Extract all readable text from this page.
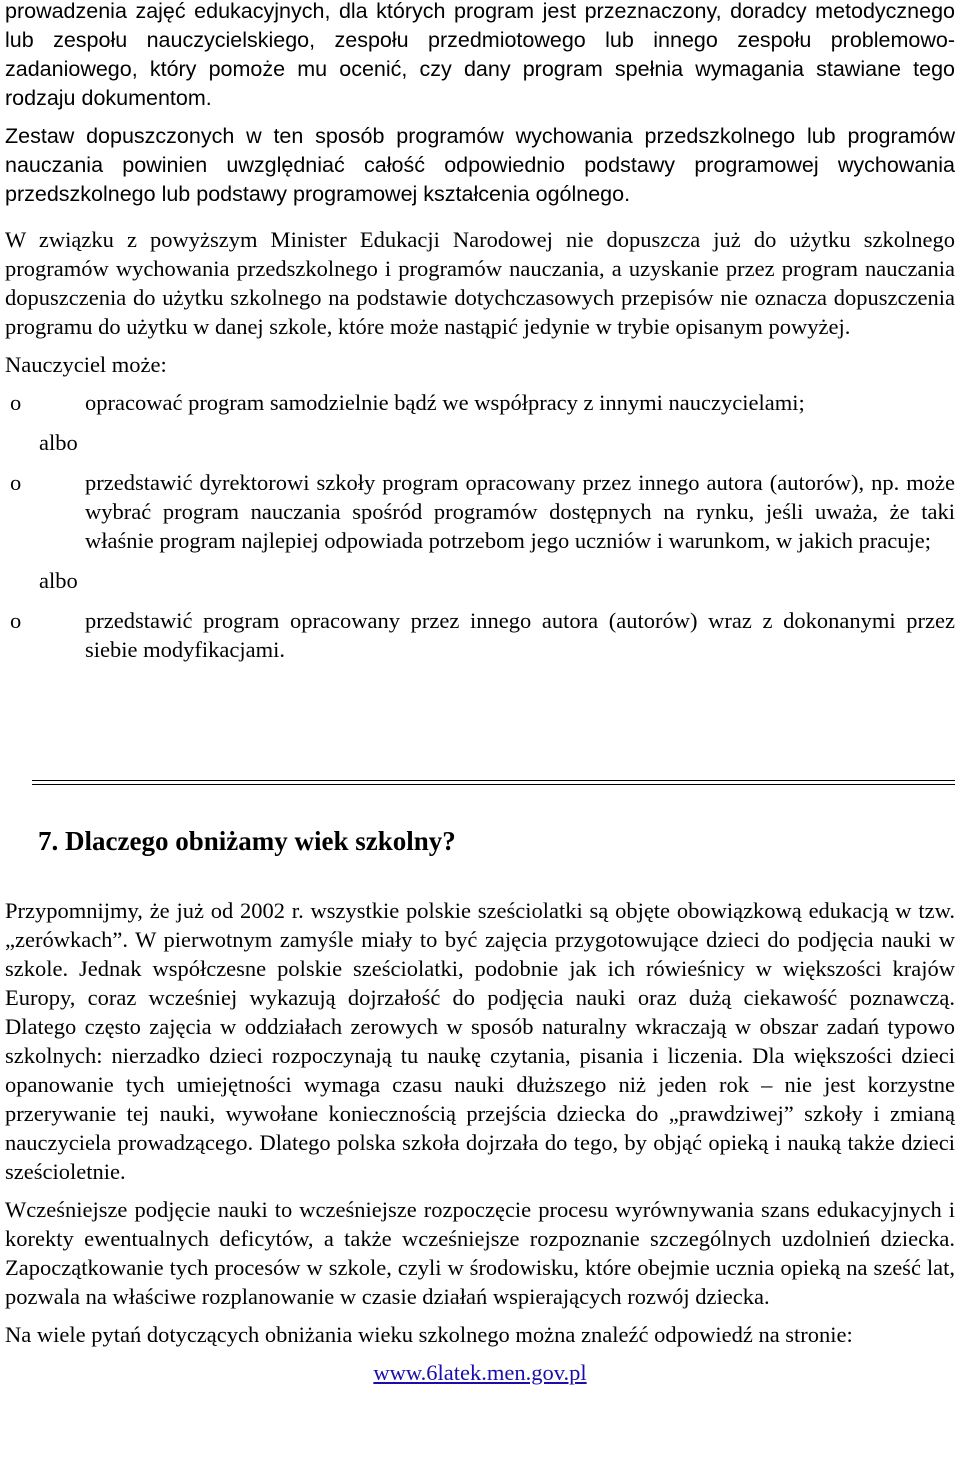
prowadzenia zajęć edukacyjnych, dla których program jest przeznaczony, doradcy metodycznego lub zespołu nauczycielskiego, zespołu przedmiotowego lub innego zespołu problemowo-zadaniowego, który pomoże mu ocenić, czy dany program spełnia wymagania stawiane tego rodzaju dokumentom.

Zestaw dopuszczonych w ten sposób programów wychowania przedszkolnego lub programów nauczania powinien uwzględniać całość odpowiednio podstawy programowej wychowania przedszkolnego lub podstawy programowej kształcenia ogólnego.

W związku z powyższym Minister Edukacji Narodowej nie dopuszcza już do użytku szkolnego programów wychowania przedszkolnego i programów nauczania, a uzyskanie przez program nauczania dopuszczenia do użytku szkolnego na podstawie dotychczasowych przepisów nie oznacza dopuszczenia programu do użytku w danej szkole, które może nastąpić jedynie w trybie opisanym powyżej.

Nauczyciel może:

o	opracować program samodzielnie bądź we współpracy z innymi nauczycielami;

albo

o	przedstawić dyrektorowi szkoły program opracowany przez innego autora (autorów), np. może wybrać program nauczania spośród programów dostępnych na rynku, jeśli uważa, że taki właśnie program najlepiej odpowiada potrzebom jego uczniów i warunkom, w jakich pracuje;

albo

o	przedstawić program opracowany przez innego autora (autorów) wraz z dokonanymi przez siebie modyfikacjami.
7. Dlaczego obniżamy wiek szkolny?

Przypomnijmy, że już od 2002 r. wszystkie polskie sześciolatki są objęte obowiązkową edukacją w tzw. „zerówkach”. W pierwotnym zamyśle miały to być zajęcia przygotowujące dzieci do podjęcia nauki w szkole. Jednak współczesne polskie sześciolatki, podobnie jak ich rówieśnicy w większości krajów Europy, coraz wcześniej wykazują dojrzałość do podjęcia nauki oraz dużą ciekawość poznawczą. Dlatego często zajęcia w oddziałach zerowych w sposób naturalny wkraczają w obszar zadań typowo szkolnych: nierzadko dzieci rozpoczynają tu naukę czytania, pisania i liczenia. Dla większości dzieci opanowanie tych umiejętności wymaga czasu nauki dłuższego niż jeden rok – nie jest korzystne przerywanie tej nauki, wywołane koniecznością przejścia dziecka do „prawdziwej” szkoły i zmianą nauczyciela prowadzącego. Dlatego polska szkoła dojrzała do tego, by objąć opieką i nauką także dzieci sześcioletnie.

Wcześniejsze podjęcie nauki to wcześniejsze rozpoczęcie procesu wyrównywania szans edukacyjnych i korekty ewentualnych deficytów, a także wcześniejsze rozpoznanie szczególnych uzdolnień dziecka. Zapoczątkowanie tych procesów w szkole, czyli w środowisku, które obejmie ucznia opieką na sześć lat, pozwala na właściwe rozplanowanie w czasie działań wspierających rozwój dziecka.

Na wiele pytań dotyczących obniżania wieku szkolnego można znaleźć odpowiedź na stronie:

www.6latek.men.gov.pl
